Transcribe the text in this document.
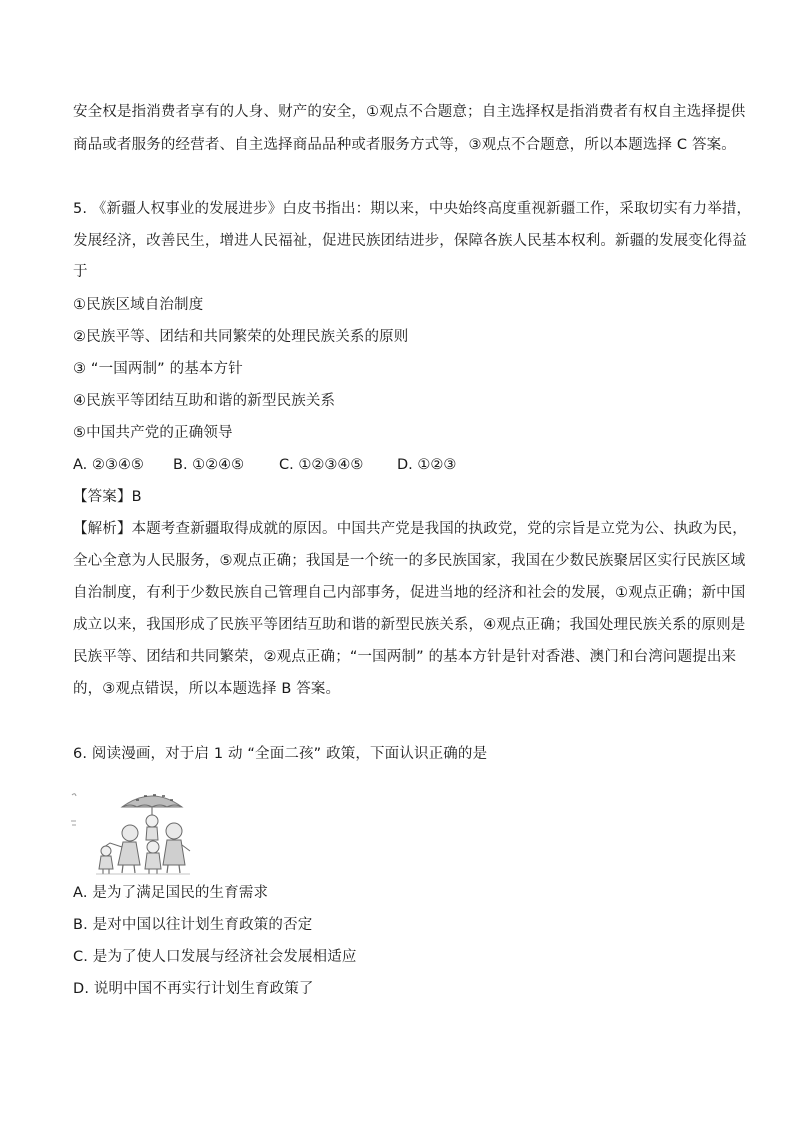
安全权是指消费者享有的人身、财产的安全，①观点不合题意；自主选择权是指消费者有权自主选择提供
商品或者服务的经营者、自主选择商品品种或者服务方式等，③观点不合题意，所以本题选择 C 答案。
5. 《新疆人权事业的发展进步》白皮书指出：期以来，中央始终高度重视新疆工作，采取切实有力举措，
发展经济，改善民生，增进人民福祉，促进民族团结进步，保障各族人民基本权利。新疆的发展变化得益
于
①民族区域自治制度
②民族平等、团结和共同繁荣的处理民族关系的原则
③ “一国两制” 的基本方针
④民族平等团结互助和谐的新型民族关系
⑤中国共产党的正确领导
A. ②③④⑤ B. ①②④⑤ C. ①②③④⑤ D. ①②③
【答案】B
【解析】本题考查新疆取得成就的原因。中国共产党是我国的执政党，党的宗旨是立党为公、执政为民，
全心全意为人民服务，⑤观点正确；我国是一个统一的多民族国家，我国在少数民族聚居区实行民族区域
自治制度，有利于少数民族自己管理自己内部事务，促进当地的经济和社会的发展，①观点正确；新中国
成立以来，我国形成了民族平等团结互助和谐的新型民族关系，④观点正确；我国处理民族关系的原则是
民族平等、团结和共同繁荣，②观点正确；“一国两制” 的基本方针是针对香港、澳门和台湾问题提出来
的，③观点错误，所以本题选择 B 答案。
6. 阅读漫画，对于启 1 动 “全面二孩” 政策，下面认识正确的是
A. 是为了满足国民的生育需求
B. 是对中国以往计划生育政策的否定
C. 是为了使人口发展与经济社会发展相适应
D. 说明中国不再实行计划生育政策了
